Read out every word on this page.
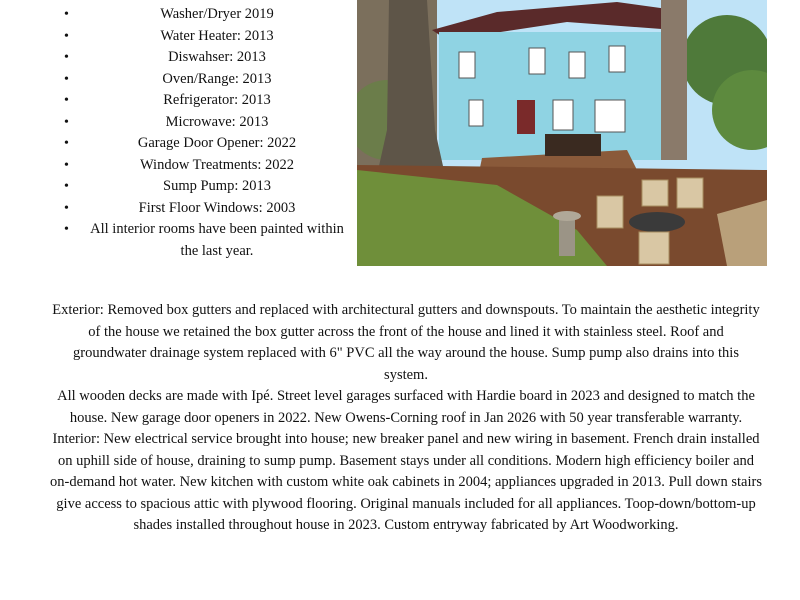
• Washer/Dryer 2019
• Water Heater: 2013
• Diswahser: 2013
• Oven/Range: 2013
• Refrigerator: 2013
• Microwave: 2013
• Garage Door Opener: 2022
• Window Treatments: 2022
• Sump Pump: 2013
• First Floor Windows: 2003
• All interior rooms have been painted within the last year.

Exterior: Removed box gutters and replaced with architectural gutters and downspouts. To maintain the aesthetic integrity of the house we retained the box gutter across the front of the house and lined it with stainless steel. Roof and groundwater drainage system replaced with 6" PVC all the way around the house. Sump pump also drains into this system.

All wooden decks are made with Ipé. Street level garages surfaced with Hardie board in 2023 and designed to match the house. New garage door openers in 2022. New Owens-Corning roof in Jan 2026 with 50 year transferable warranty.

Interior: New electrical service brought into house; new breaker panel and new wiring in basement. French drain installed on uphill side of house, draining to sump pump. Basement stays under all conditions. Modern high efficiency boiler and on-demand hot water. New kitchen with custom white oak cabinets in 2004; appliances upgraded in 2013. Pull down stairs give access to spacious attic with plywood flooring. Original manuals included for all appliances. Toop-down/bottom-up shades installed throughout house in 2023. Custom entryway fabricated by Art Woodworking.
